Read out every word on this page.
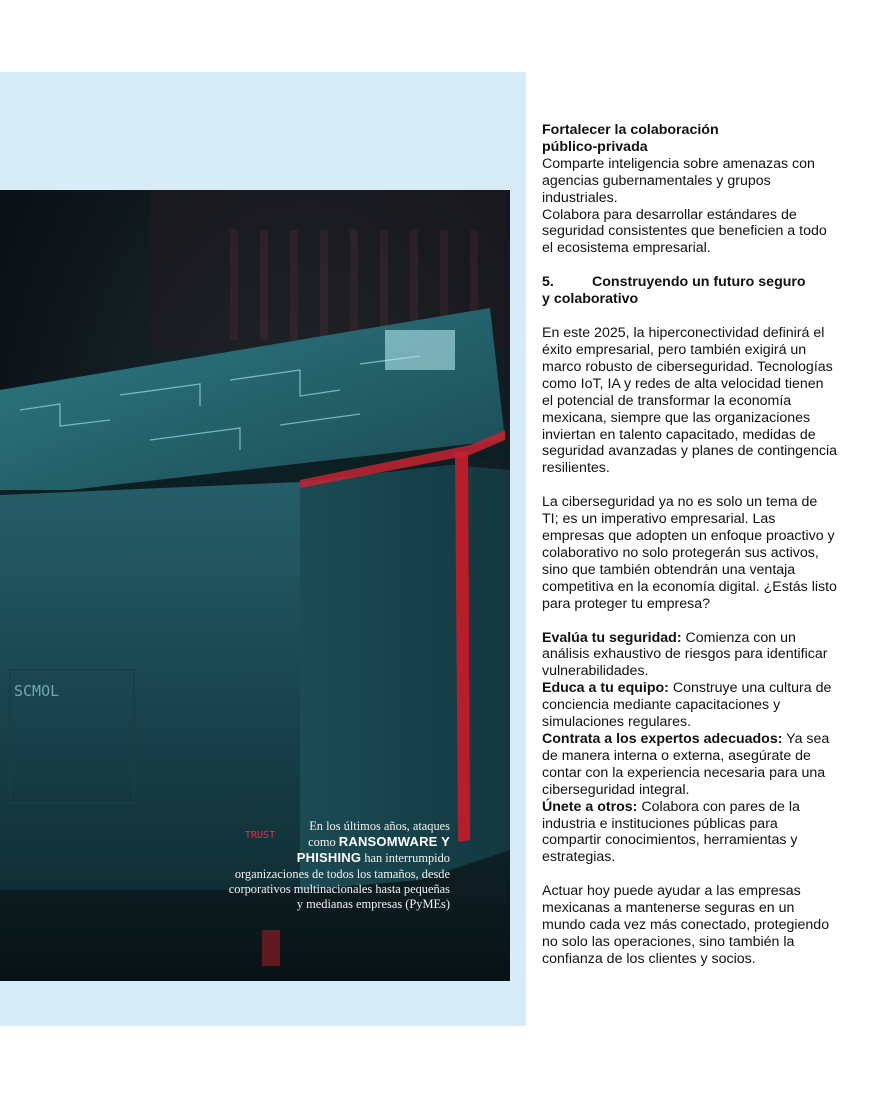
SCMOL
TRUST
En los últimos años, ataques
como RANSOMWARE Y
PHISHING han interrumpido organizaciones de todos los tamaños, desde corporativos multinacionales hasta pequeñas y medianas empresas (PyMEs)
Fortalecer la colaboración
público-privada

Comparte inteligencia sobre amenazas con agencias gubernamentales y grupos industriales.

Colabora para desarrollar estándares de seguridad consistentes que beneficien a todo el ecosistema empresarial.

5.	Construyendo un futuro seguro
y colaborativo

En este 2025, la hiperconectividad definirá el éxito empresarial, pero también exigirá un marco robusto de ciberseguridad. Tecnologías como IoT, IA y redes de alta velocidad tienen el potencial de transformar la economía mexicana, siempre que las organizaciones inviertan en talento capacitado, medidas de seguridad avanzadas y planes de contingencia resilientes.

La ciberseguridad ya no es solo un tema de TI; es un imperativo empresarial. Las empresas que adopten un enfoque proactivo y colaborativo no solo protegerán sus activos, sino que también obtendrán una ventaja competitiva en la economía digital. ¿Estás listo para proteger tu empresa?

Evalúa tu seguridad: Comienza con un análisis exhaustivo de riesgos para identificar vulnerabilidades.

Educa a tu equipo: Construye una cultura de conciencia mediante capacitaciones y simulaciones regulares.

Contrata a los expertos adecuados: Ya sea de manera interna o externa, asegúrate de contar con la experiencia necesaria para una ciberseguridad integral.

Únete a otros: Colabora con pares de la industria e instituciones públicas para compartir conocimientos, herramientas y estrategias.

Actuar hoy puede ayudar a las empresas mexicanas a mantenerse seguras en un mundo cada vez más conectado, protegiendo no solo las operaciones, sino también la confianza de los clientes y socios.
